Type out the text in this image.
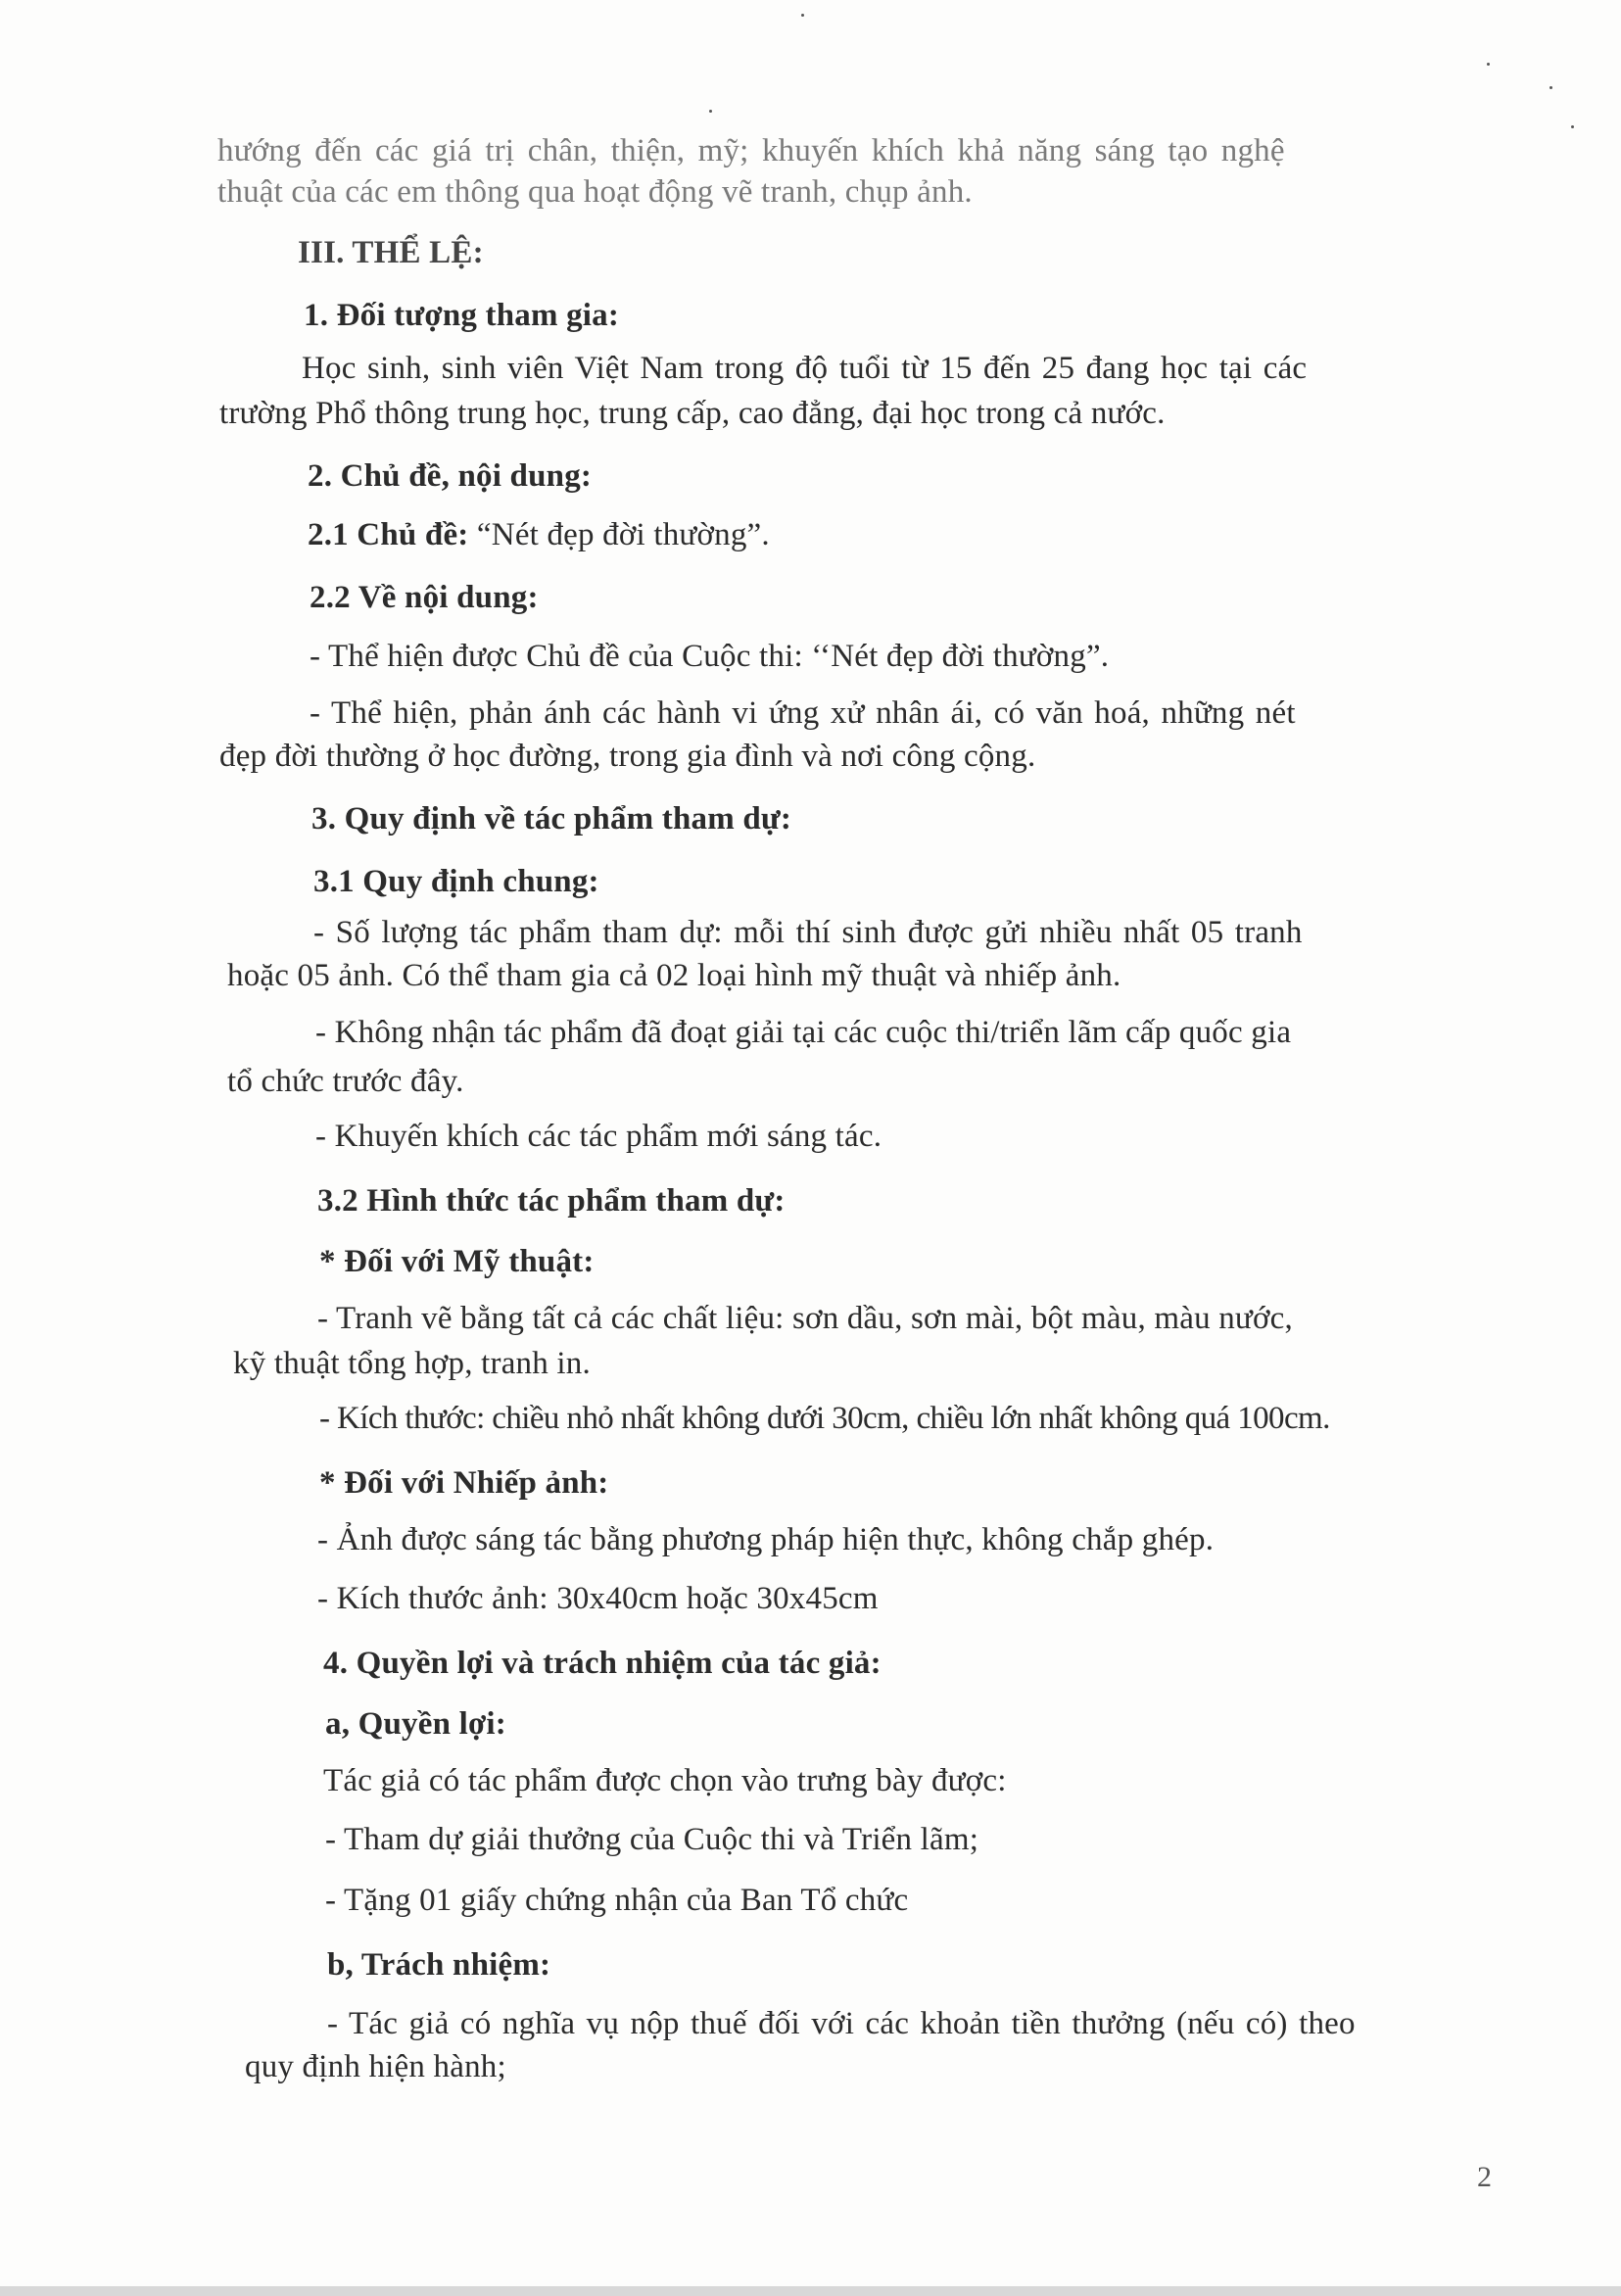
hướng đến các giá trị chân, thiện, mỹ; khuyến khích khả năng sáng tạo nghệ
thuật của các em thông qua hoạt động vẽ tranh, chụp ảnh.
III. THỂ LỆ:
1. Đối tượng tham gia:
Học sinh, sinh viên Việt Nam trong độ tuổi từ 15 đến 25 đang học tại các
trường Phổ thông trung học, trung cấp, cao đẳng, đại học trong cả nước.
2. Chủ đề, nội dung:
2.1 Chủ đề: “Nét đẹp đời thường”.
2.2 Về nội dung:
- Thể hiện được Chủ đề của Cuộc thi: ‘‘Nét đẹp đời thường”.
- Thể hiện, phản ánh các hành vi ứng xử nhân ái, có văn hoá, những nét
đẹp đời thường ở học đường, trong gia đình và nơi công cộng.
3. Quy định về tác phẩm tham dự:
3.1 Quy định chung:
- Số lượng tác phẩm tham dự: mỗi thí sinh được gửi nhiều nhất 05 tranh
hoặc 05 ảnh. Có thể tham gia cả 02 loại hình mỹ thuật và nhiếp ảnh.
- Không nhận tác phẩm đã đoạt giải tại các cuộc thi/triển lãm cấp quốc gia
tổ chức trước đây.
- Khuyến khích các tác phẩm mới sáng tác.
3.2 Hình thức tác phẩm tham dự:
* Đối với Mỹ thuật:
- Tranh vẽ bằng tất cả các chất liệu: sơn dầu, sơn mài, bột màu, màu nước,
kỹ thuật tổng hợp, tranh in.
- Kích thước: chiều nhỏ nhất không dưới 30cm, chiều lớn nhất không quá 100cm.
* Đối với Nhiếp ảnh:
- Ảnh được sáng tác bằng phương pháp hiện thực, không chắp ghép.
- Kích thước ảnh: 30x40cm hoặc 30x45cm
4. Quyền lợi và trách nhiệm của tác giả:
a, Quyền lợi:
Tác giả có tác phẩm được chọn vào trưng bày được:
- Tham dự giải thưởng của Cuộc thi và Triển lãm;
- Tặng 01 giấy chứng nhận của Ban Tổ chức
b, Trách nhiệm:
- Tác giả có nghĩa vụ nộp thuế đối với các khoản tiền thưởng (nếu có) theo
quy định hiện hành;
2
